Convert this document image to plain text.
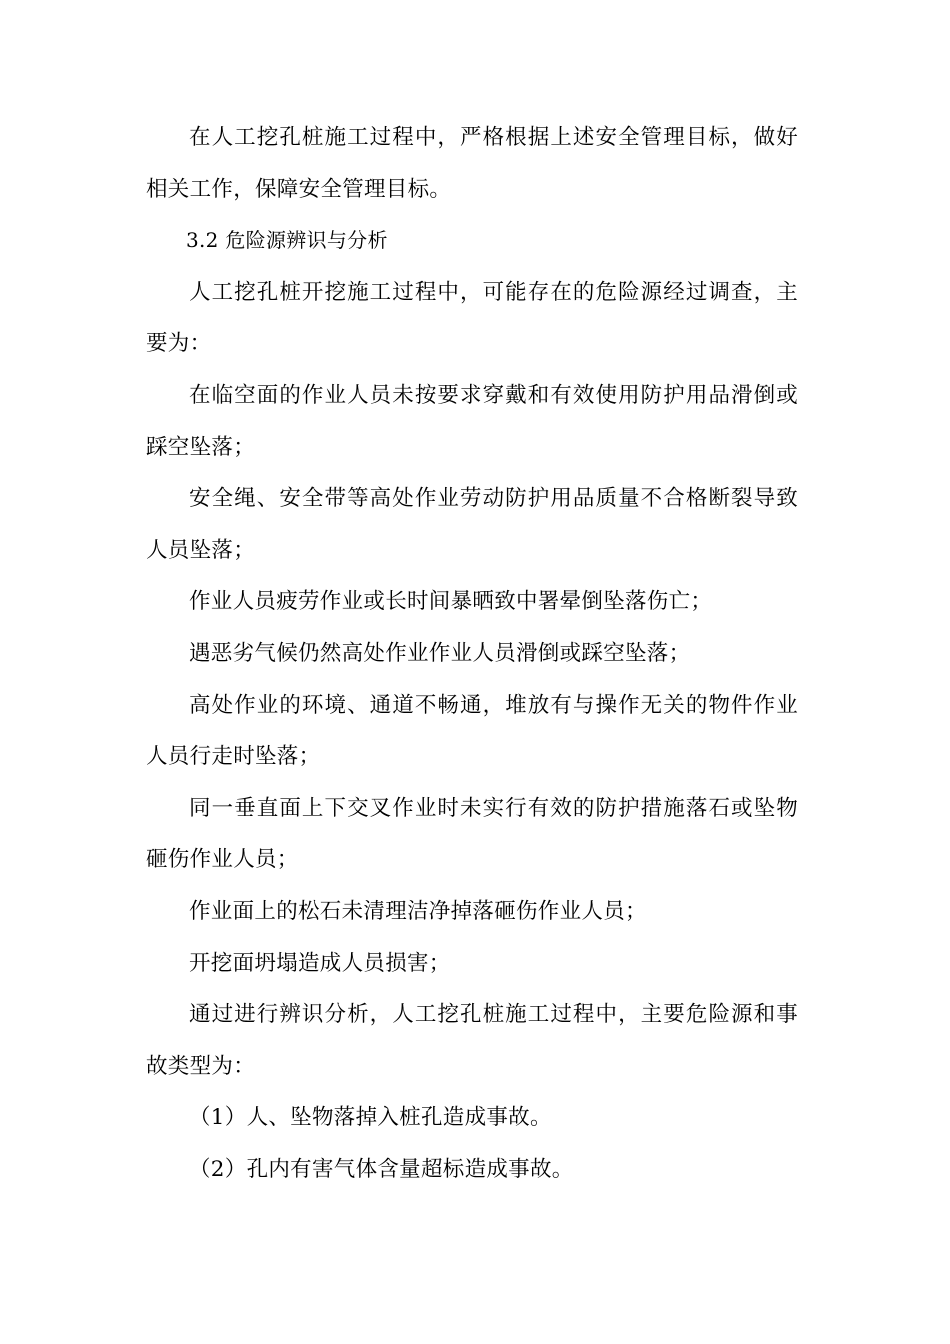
在人工挖孔桩施工过程中，严格根据上述安全管理目标，做好相关工作，保障安全管理目标。

3.2 危险源辨识与分析

人工挖孔桩开挖施工过程中，可能存在的危险源经过调查，主要为：

在临空面的作业人员未按要求穿戴和有效使用防护用品滑倒或踩空坠落；

安全绳、安全带等高处作业劳动防护用品质量不合格断裂导致人员坠落；

作业人员疲劳作业或长时间暴晒致中署晕倒坠落伤亡；

遇恶劣气候仍然高处作业作业人员滑倒或踩空坠落；

高处作业的环境、通道不畅通，堆放有与操作无关的物件作业人员行走时坠落；

同一垂直面上下交叉作业时未实行有效的防护措施落石或坠物砸伤作业人员；

作业面上的松石未清理洁净掉落砸伤作业人员；

开挖面坍塌造成人员损害；

通过进行辨识分析，人工挖孔桩施工过程中，主要危险源和事故类型为：

（1）人、坠物落掉入桩孔造成事故。

（2）孔内有害气体含量超标造成事故。
